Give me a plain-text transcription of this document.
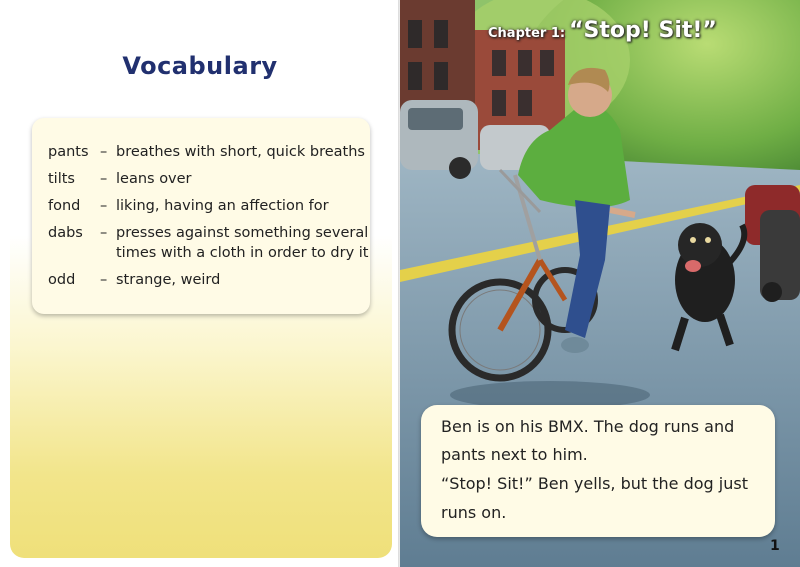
Vocabulary
pants – breathes with short, quick breaths
tilts	– leans over
fond	– liking, having an affection for
dabs	– presses against something several
times with a cloth in order to dry it
odd	– strange, weird
Chapter 1: “Stop! Sit!”
Ben is on his BMX. The dog runs and
pants next to him.
“Stop! Sit!” Ben yells, but the dog just
runs on.
1
